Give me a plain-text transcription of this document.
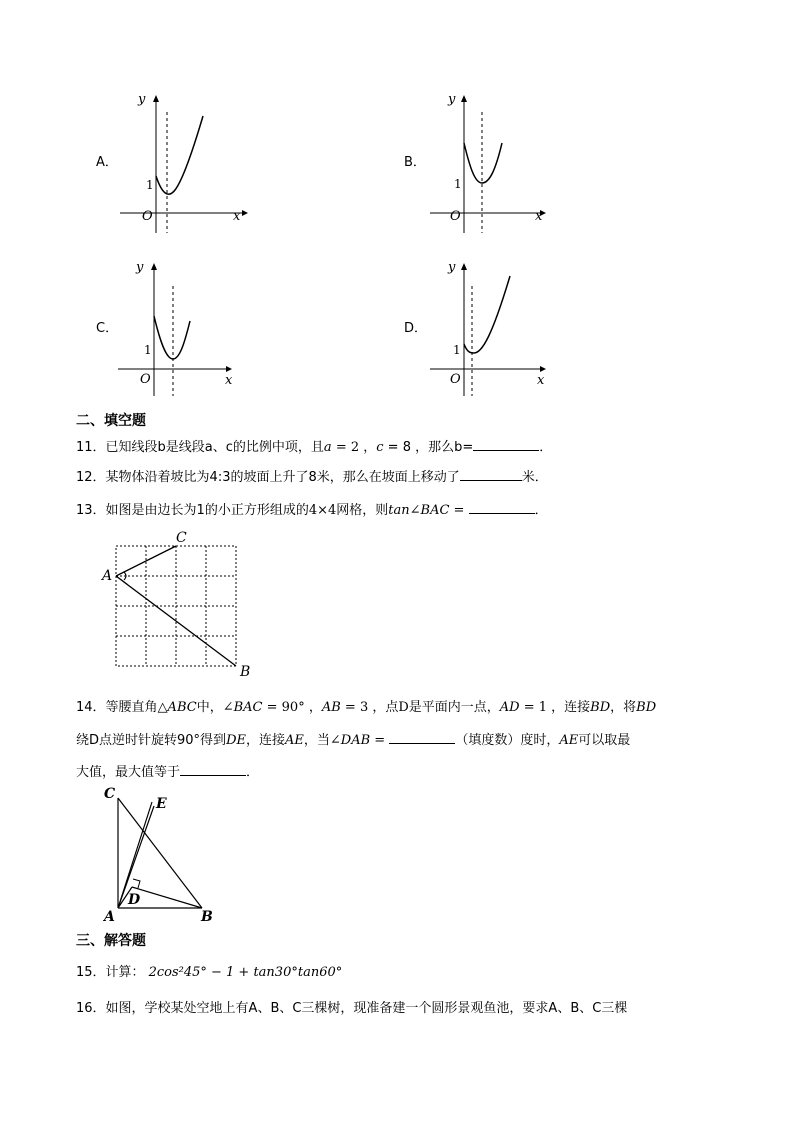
A．
y
x
O
1
B．
y
x
O
1
C．
y
x
O
1
D．
y
x
O
1
二、填空题
11．已知线段b是线段a、c的比例中项，且a = 2 ，c = 8 ，那么b=	．
12．某物体沿着坡比为4:3的坡面上升了8米，那么在坡面上移动了	米．
13．如图是由边长为1的小正方形组成的4×4网格，则tan∠BAC =	．
A
C
B
14．等腰直角△ABC中，∠BAC = 90° ，AB = 3 ，点D是平面内一点，AD = 1 ，连接BD，将BD
绕D点逆时针旋转90°得到DE，连接AE，当∠DAB =	（填度数）度时，AE可以取最
大值，最大值等于	．
C
E
D
A	B
三、解答题
15．计算： 2cos²45° − 1 + tan30°tan60°
16．如图，学校某处空地上有A、B、C三棵树，现准备建一个圆形景观鱼池，要求A、B、C三棵
